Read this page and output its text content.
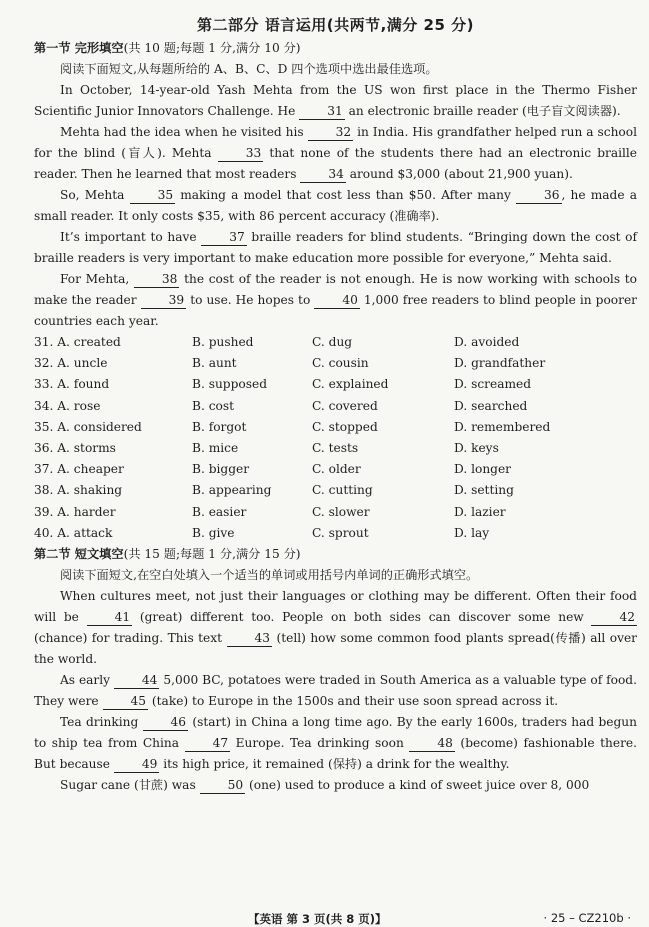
第二部分 语言运用(共两节,满分 25 分)
第一节 完形填空(共 10 题;每题 1 分,满分 10 分)

阅读下面短文,从每题所给的 A、B、C、D 四个选项中选出最佳选项。

In October, 14-year-old Yash Mehta from the US won first place in the Thermo Fisher Scientific Junior Innovators Challenge. He 31 an electronic braille reader (电子盲文阅读器).

Mehta had the idea when he visited his 32 in India. His grandfather helped run a school for the blind (盲人). Mehta 33 that none of the students there had an electronic braille reader. Then he learned that most readers 34 around $3,000 (about 21,900 yuan).

So, Mehta 35 making a model that cost less than $50. After many 36 , he made a small reader. It only costs $35, with 86 percent accuracy (准确率).

It’s important to have 37 braille readers for blind students. “Bringing down the cost of braille readers is very important to make education more possible for everyone,” Mehta said.

For Mehta, 38 the cost of the reader is not enough. He is now working with schools to make the reader 39 to use. He hopes to 40 1,000 free readers to blind people in poorer countries each year.

31. A. created	B. pushed	C. dug	D. avoided
32. A. uncle	B. aunt	C. cousin	D. grandfather
33. A. found	B. supposed	C. explained	D. screamed
34. A. rose	B. cost	C. covered	D. searched
35. A. considered	B. forgot	C. stopped	D. remembered
36. A. storms	B. mice	C. tests	D. keys
37. A. cheaper	B. bigger	C. older	D. longer
38. A. shaking	B. appearing	C. cutting	D. setting
39. A. harder	B. easier	C. slower	D. lazier
40. A. attack	B. give	C. sprout	D. lay
第二节 短文填空(共 15 题;每题 1 分,满分 15 分)

阅读下面短文,在空白处填入一个适当的单词或用括号内单词的正确形式填空。

When cultures meet, not just their languages or clothing may be different. Often their food will be 41 (great) different too. People on both sides can discover some new 42 (chance) for trading. This text 43 (tell) how some common food plants spread(传播) all over the world.

As early 44 5,000 BC, potatoes were traded in South America as a valuable type of food. They were 45 (take) to Europe in the 1500s and their use soon spread across it.

Tea drinking 46 (start) in China a long time ago. By the early 1600s, traders had begun to ship tea from China 47 Europe. Tea drinking soon 48 (become) fashionable there. But because 49 its high price, it remained (保持) a drink for the wealthy.

Sugar cane (甘蔗) was 50 (one) used to produce a kind of sweet juice over 8, 000

【英语 第 3 页(共 8 页)】	· 25 – CZ210b ·
